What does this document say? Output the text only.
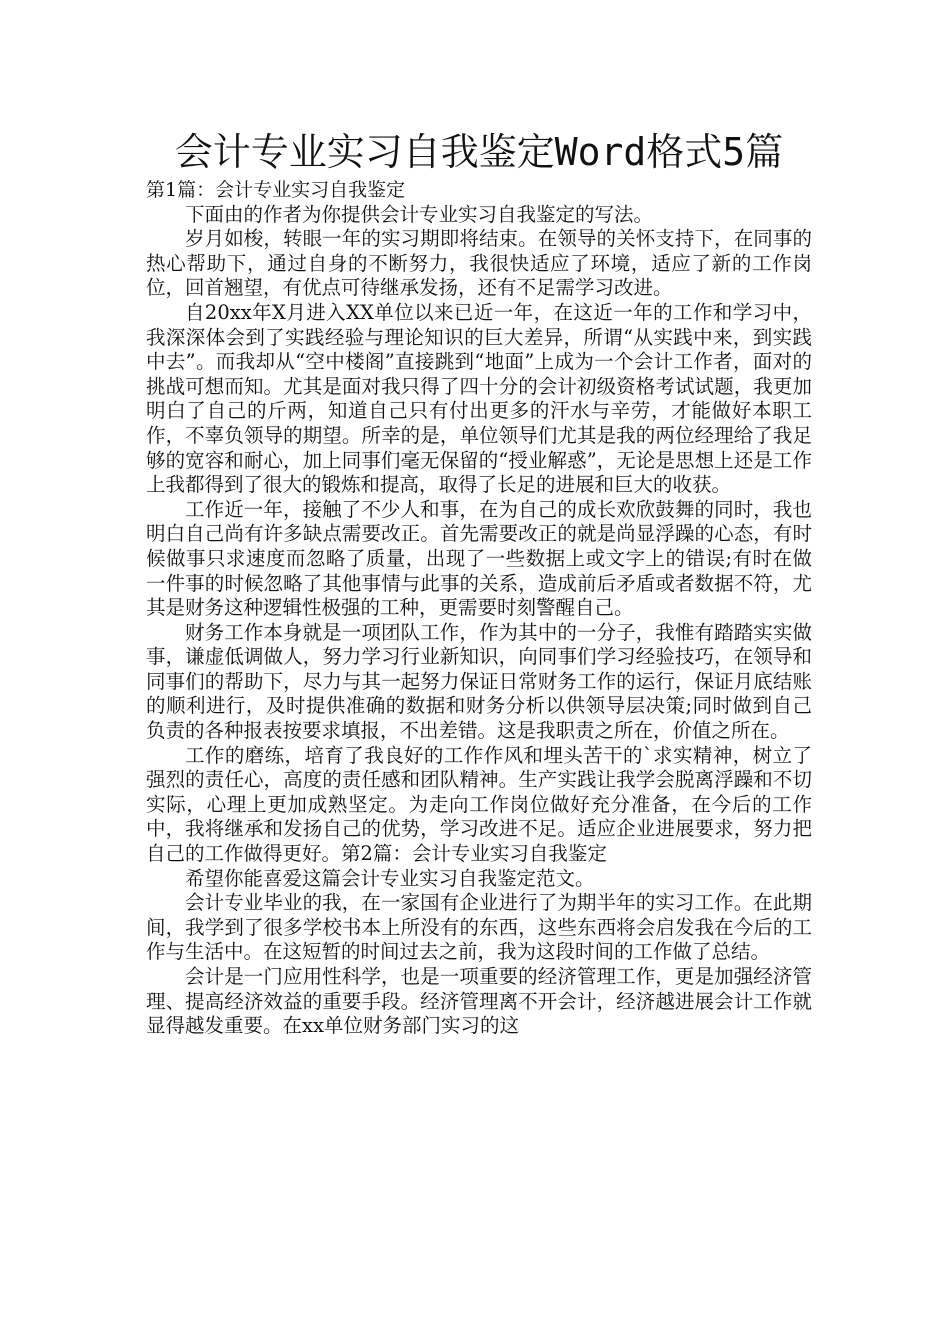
会计专业实习自我鉴定Word格式5篇
第1篇：会计专业实习自我鉴定

下面由的作者为你提供会计专业实习自我鉴定的写法。

岁月如梭，转眼一年的实习期即将结束。在领导的关怀支持下，在同事的热心帮助下，通过自身的不断努力，我很快适应了环境，适应了新的工作岗位，回首翘望，有优点可待继承发扬，还有不足需学习改进。

自20xx年X月进入XX单位以来已近一年，在这近一年的工作和学习中，我深深体会到了实践经验与理论知识的巨大差异，所谓“从实践中来，到实践中去”。而我却从“空中楼阁”直接跳到“地面”上成为一个会计工作者，面对的挑战可想而知。尤其是面对我只得了四十分的会计初级资格考试试题，我更加明白了自己的斤两，知道自己只有付出更多的汗水与辛劳，才能做好本职工作，不辜负领导的期望。所幸的是，单位领导们尤其是我的两位经理给了我足够的宽容和耐心，加上同事们毫无保留的“授业解惑”，无论是思想上还是工作上我都得到了很大的锻炼和提高，取得了长足的进展和巨大的收获。

工作近一年，接触了不少人和事，在为自己的成长欢欣鼓舞的同时，我也明白自己尚有许多缺点需要改正。首先需要改正的就是尚显浮躁的心态，有时候做事只求速度而忽略了质量，出现了一些数据上或文字上的错误;有时在做一件事的时候忽略了其他事情与此事的关系，造成前后矛盾或者数据不符，尤其是财务这种逻辑性极强的工种，更需要时刻警醒自己。

财务工作本身就是一项团队工作，作为其中的一分子，我惟有踏踏实实做事，谦虚低调做人，努力学习行业新知识，向同事们学习经验技巧，在领导和同事们的帮助下，尽力与其一起努力保证日常财务工作的运行，保证月底结账的顺利进行，及时提供准确的数据和财务分析以供领导层决策;同时做到自己负责的各种报表按要求填报，不出差错。这是我职责之所在，价值之所在。

工作的磨练，培育了我良好的工作作风和埋头苦干的`求实精神，树立了强烈的责任心，高度的责任感和团队精神。生产实践让我学会脱离浮躁和不切实际，心理上更加成熟坚定。为走向工作岗位做好充分准备，在今后的工作中，我将继承和发扬自己的优势，学习改进不足。适应企业进展要求，努力把自己的工作做得更好。第2篇：会计专业实习自我鉴定

希望你能喜爱这篇会计专业实习自我鉴定范文。

会计专业毕业的我，在一家国有企业进行了为期半年的实习工作。在此期间，我学到了很多学校书本上所没有的东西，这些东西将会启发我在今后的工作与生活中。在这短暂的时间过去之前，我为这段时间的工作做了总结。

会计是一门应用性科学，也是一项重要的经济管理工作，更是加强经济管理、提高经济效益的重要手段。经济管理离不开会计，经济越进展会计工作就显得越发重要。在xx单位财务部门实习的这
